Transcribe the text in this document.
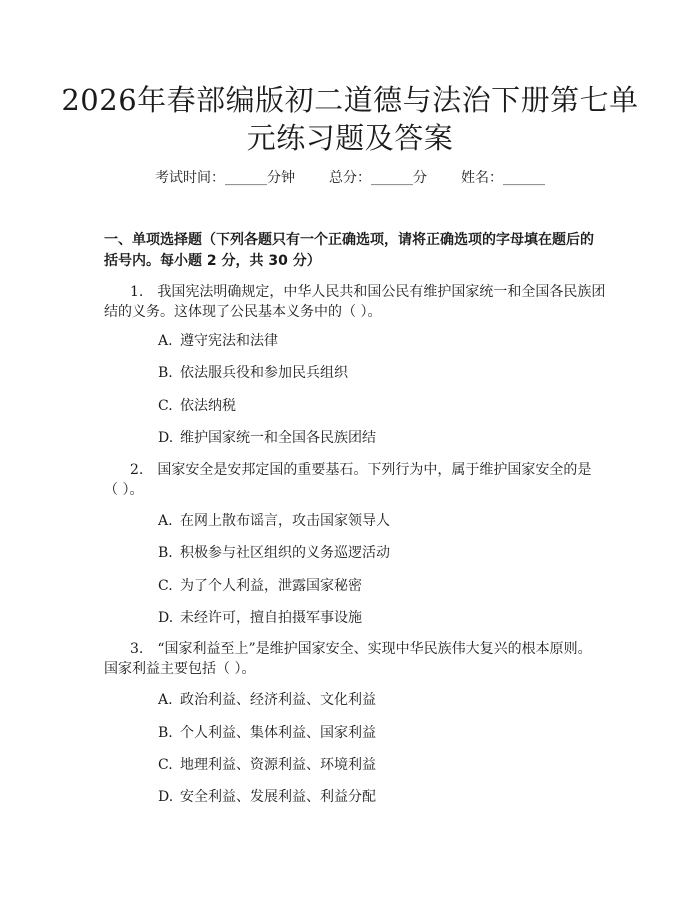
2026年春部编版初二道德与法治下册第七单
元练习题及答案
考试时间：______分钟 总分：______分 姓名：______
一、单项选择题（下列各题只有一个正确选项，请将正确选项的字母填在题后的
括号内。每小题 2 分，共 30 分）
1.　我国宪法明确规定，中华人民共和国公民有维护国家统一和全国各民族团
结的义务。这体现了公民基本义务中的（ ）。
A. 遵守宪法和法律
B. 依法服兵役和参加民兵组织
C. 依法纳税
D. 维护国家统一和全国各民族团结
2.　国家安全是安邦定国的重要基石。下列行为中，属于维护国家安全的是
（ ）。
A. 在网上散布谣言，攻击国家领导人
B. 积极参与社区组织的义务巡逻活动
C. 为了个人利益，泄露国家秘密
D. 未经许可，擅自拍摄军事设施
3.　“国家利益至上”是维护国家安全、实现中华民族伟大复兴的根本原则。
国家利益主要包括（ ）。
A. 政治利益、经济利益、文化利益
B. 个人利益、集体利益、国家利益
C. 地理利益、资源利益、环境利益
D. 安全利益、发展利益、利益分配
